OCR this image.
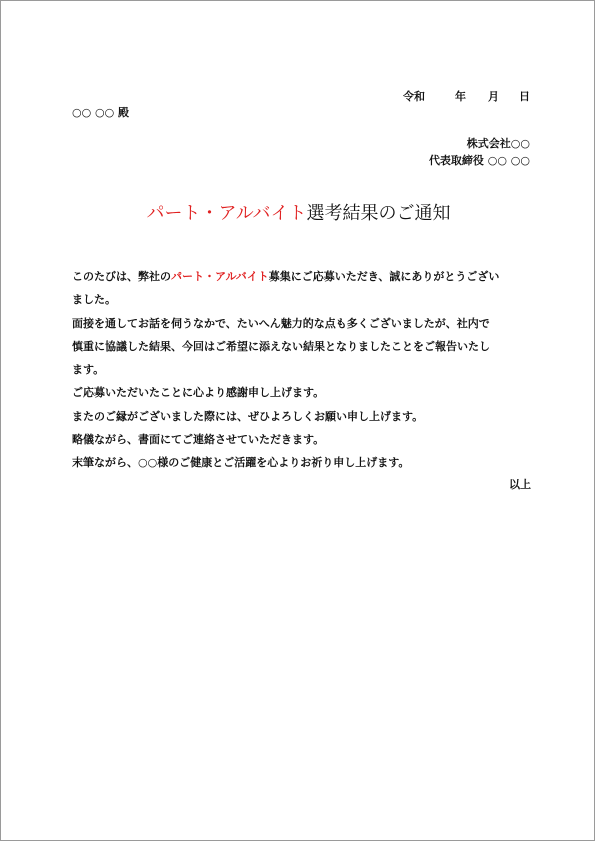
令和	年 月 日
○○ ○○ 殿
株式会社○○
代表取締役 ○○ ○○
パート・アルバイト選考結果のご通知

このたびは、弊社のパート・アルバイト募集にご応募いただき、誠にありがとうござい

ました。

面接を通してお話を伺うなかで、たいへん魅力的な点も多くございましたが、社内で

慎重に協議した結果、今回はご希望に添えない結果となりましたことをご報告いたし

ます。

ご応募いただいたことに心より感謝申し上げます。

またのご縁がございました際には、ぜひよろしくお願い申し上げます。

略儀ながら、書面にてご連絡させていただきます。

末筆ながら、○○様のご健康とご活躍を心よりお祈り申し上げます。

以上
